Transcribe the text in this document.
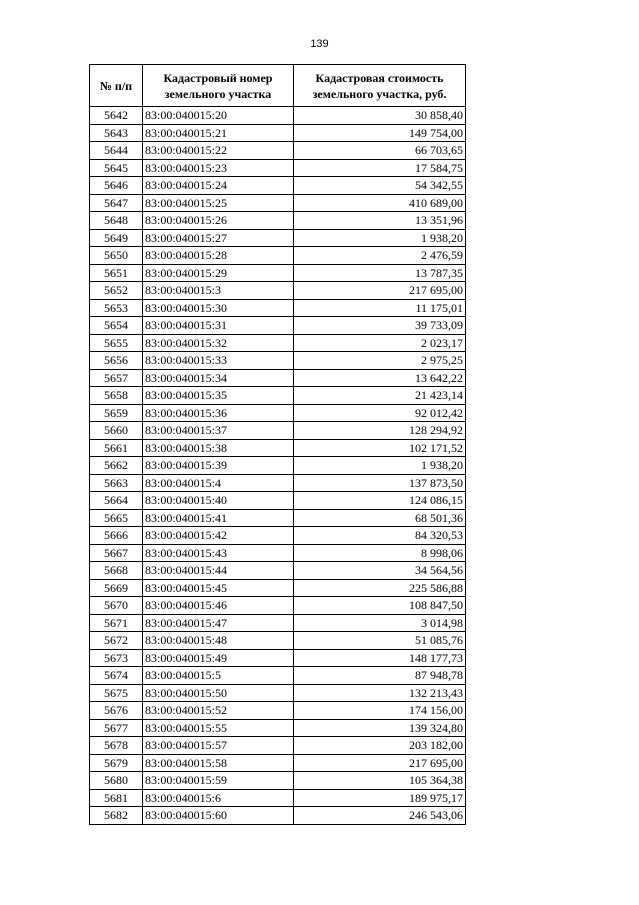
139
№ п/п	Кадастровый номер земельного участка	Кадастровая стоимость земельного участка, руб.
5642	83:00:040015:20	30 858,40
5643	83:00:040015:21	149 754,00
5644	83:00:040015:22	66 703,65
5645	83:00:040015:23	17 584,75
5646	83:00:040015:24	54 342,55
5647	83:00:040015:25	410 689,00
5648	83:00:040015:26	13 351,96
5649	83:00:040015:27	1 938,20
5650	83:00:040015:28	2 476,59
5651	83:00:040015:29	13 787,35
5652	83:00:040015:3	217 695,00
5653	83:00:040015:30	11 175,01
5654	83:00:040015:31	39 733,09
5655	83:00:040015:32	2 023,17
5656	83:00:040015:33	2 975,25
5657	83:00:040015:34	13 642,22
5658	83:00:040015:35	21 423,14
5659	83:00:040015:36	92 012,42
5660	83:00:040015:37	128 294,92
5661	83:00:040015:38	102 171,52
5662	83:00:040015:39	1 938,20
5663	83:00:040015:4	137 873,50
5664	83:00:040015:40	124 086,15
5665	83:00:040015:41	68 501,36
5666	83:00:040015:42	84 320,53
5667	83:00:040015:43	8 998,06
5668	83:00:040015:44	34 564,56
5669	83:00:040015:45	225 586,88
5670	83:00:040015:46	108 847,50
5671	83:00:040015:47	3 014,98
5672	83:00:040015:48	51 085,76
5673	83:00:040015:49	148 177,73
5674	83:00:040015:5	87 948,78
5675	83:00:040015:50	132 213,43
5676	83:00:040015:52	174 156,00
5677	83:00:040015:55	139 324,80
5678	83:00:040015:57	203 182,00
5679	83:00:040015:58	217 695,00
5680	83:00:040015:59	105 364,38
5681	83:00:040015:6	189 975,17
5682	83:00:040015:60	246 543,06
